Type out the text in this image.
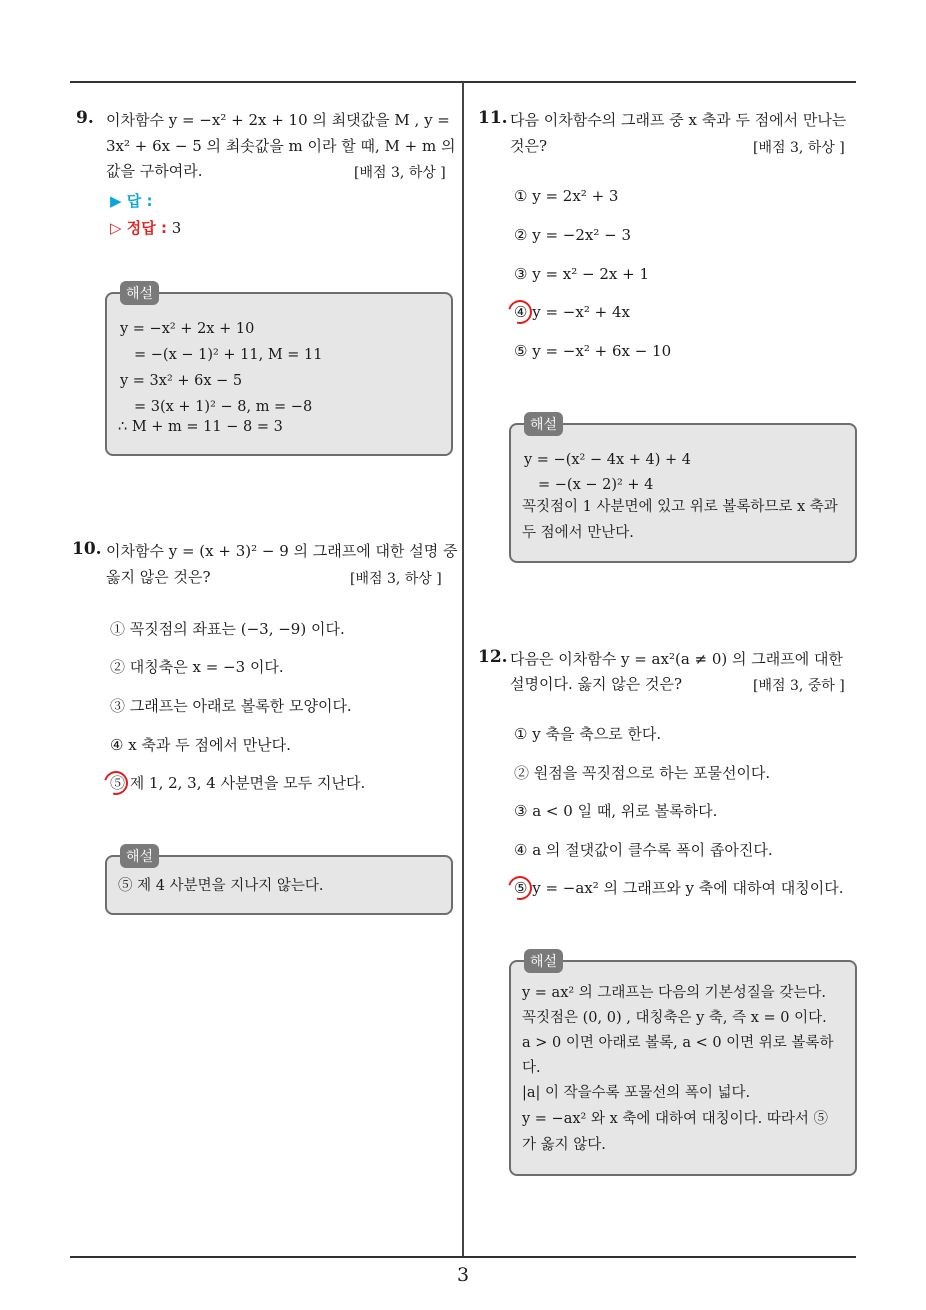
3
9. 이차함수 y = −x² + 2x + 10 의 최댓값을 M , y =
3x² + 6x − 5 의 최솟값을 m 이라 할 때, M + m 의
값을 구하여라.	[배점 3, 하상 ]
▶ 답 :
▷ 정답 : 3
해설
y = −x² + 2x + 10
= −(x − 1)² + 11, M = 11
y = 3x² + 6x − 5
= 3(x + 1)² − 8, m = −8
∴ M + m = 11 − 8 = 3
10. 이차함수 y = (x + 3)² − 9 의 그래프에 대한 설명 중
옳지 않은 것은?	[배점 3, 하상 ]
① 꼭짓점의 좌표는 (−3, −9) 이다.
② 대칭축은 x = −3 이다.
③ 그래프는 아래로 볼록한 모양이다.
④ x 축과 두 점에서 만난다.
⑤ 제 1, 2, 3, 4 사분면을 모두 지난다.
해설
⑤ 제 4 사분면을 지나지 않는다.
11. 다음 이차함수의 그래프 중 x 축과 두 점에서 만나는
것은?	[배점 3, 하상 ]
① y = 2x² + 3
② y = −2x² − 3
③ y = x² − 2x + 1
④ y = −x² + 4x
⑤ y = −x² + 6x − 10
해설
y = −(x² − 4x + 4) + 4
= −(x − 2)² + 4
꼭짓점이 1 사분면에 있고 위로 볼록하므로 x 축과
두 점에서 만난다.
12. 다음은 이차함수 y = ax²(a ≠ 0) 의 그래프에 대한
설명이다. 옳지 않은 것은?	[배점 3, 중하 ]
① y 축을 축으로 한다.
② 원점을 꼭짓점으로 하는 포물선이다.
③ a < 0 일 때, 위로 볼록하다.
④ a 의 절댓값이 클수록 폭이 좁아진다.
⑤ y = −ax² 의 그래프와 y 축에 대하여 대칭이다.
해설
y = ax² 의 그래프는 다음의 기본성질을 갖는다.
꼭짓점은 (0, 0) , 대칭축은 y 축, 즉 x = 0 이다.
a > 0 이면 아래로 볼록, a < 0 이면 위로 볼록하
다.
|a| 이 작을수록 포물선의 폭이 넓다.
y = −ax² 와 x 축에 대하여 대칭이다. 따라서 ⑤
가 옳지 않다.
